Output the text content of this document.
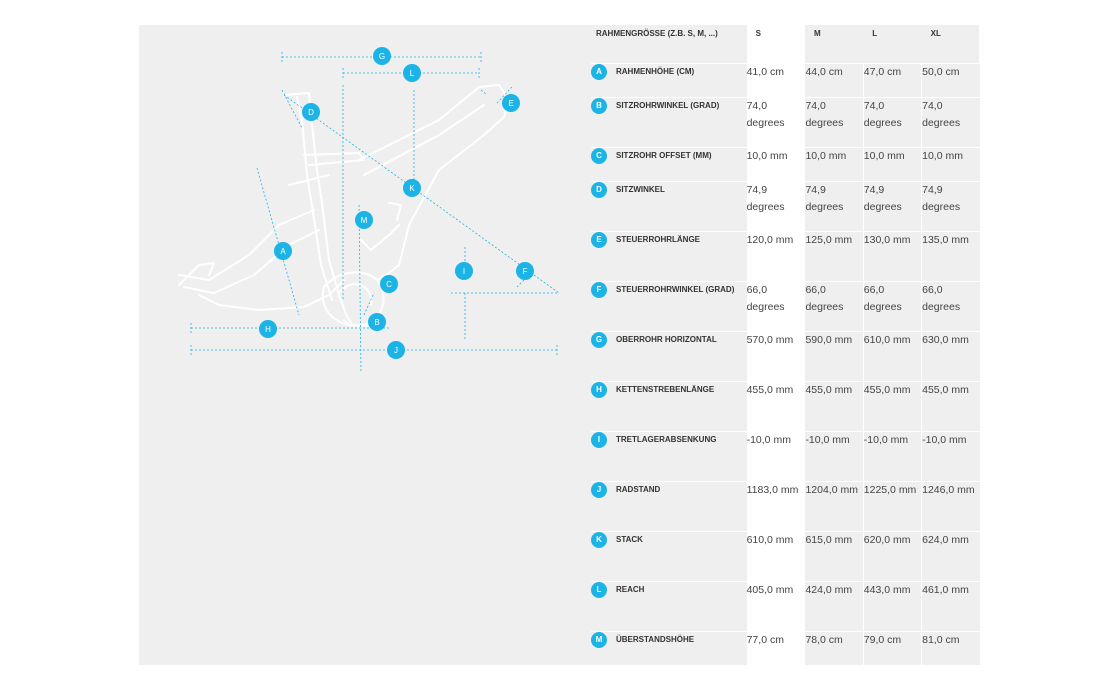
G
L
D
E
K
M
A
I	F
C
H
B
J
RAHMENGRÖSSE (Z.B. S, M, ...)	S	M	L	XL

A RAHMENHÖHE (CM)	41,0 cm	44,0 cm	47,0 cm	50,0 cm

B SITZROHRWINKEL (GRAD)	74,0 degrees	74,0 degrees	74,0 degrees	74,0 degrees

C SITZROHR OFFSET (MM)	10,0 mm	10,0 mm	10,0 mm	10,0 mm

D SITZWINKEL	74,9 degrees	74,9 degrees	74,9 degrees	74,9 degrees

E STEUERROHRLÄNGE	120,0 mm	125,0 mm	130,0 mm	135,0 mm

F STEUERROHRWINKEL (GRAD)	66,0 degrees	66,0 degrees	66,0 degrees	66,0 degrees

G OBERROHR HORIZONTAL	570,0 mm	590,0 mm	610,0 mm	630,0 mm

H KETTENSTREBENLÄNGE	455,0 mm	455,0 mm	455,0 mm	455,0 mm

I TRETLAGERABSENKUNG	-10,0 mm	-10,0 mm	-10,0 mm	-10,0 mm

J RADSTAND	1183,0 mm	1204,0 mm	1225,0 mm	1246,0 mm

K STACK	610,0 mm	615,0 mm	620,0 mm	624,0 mm

L REACH	405,0 mm	424,0 mm	443,0 mm	461,0 mm

M ÜBERSTANDSHÖHE	77,0 cm	78,0 cm	79,0 cm	81,0 cm
